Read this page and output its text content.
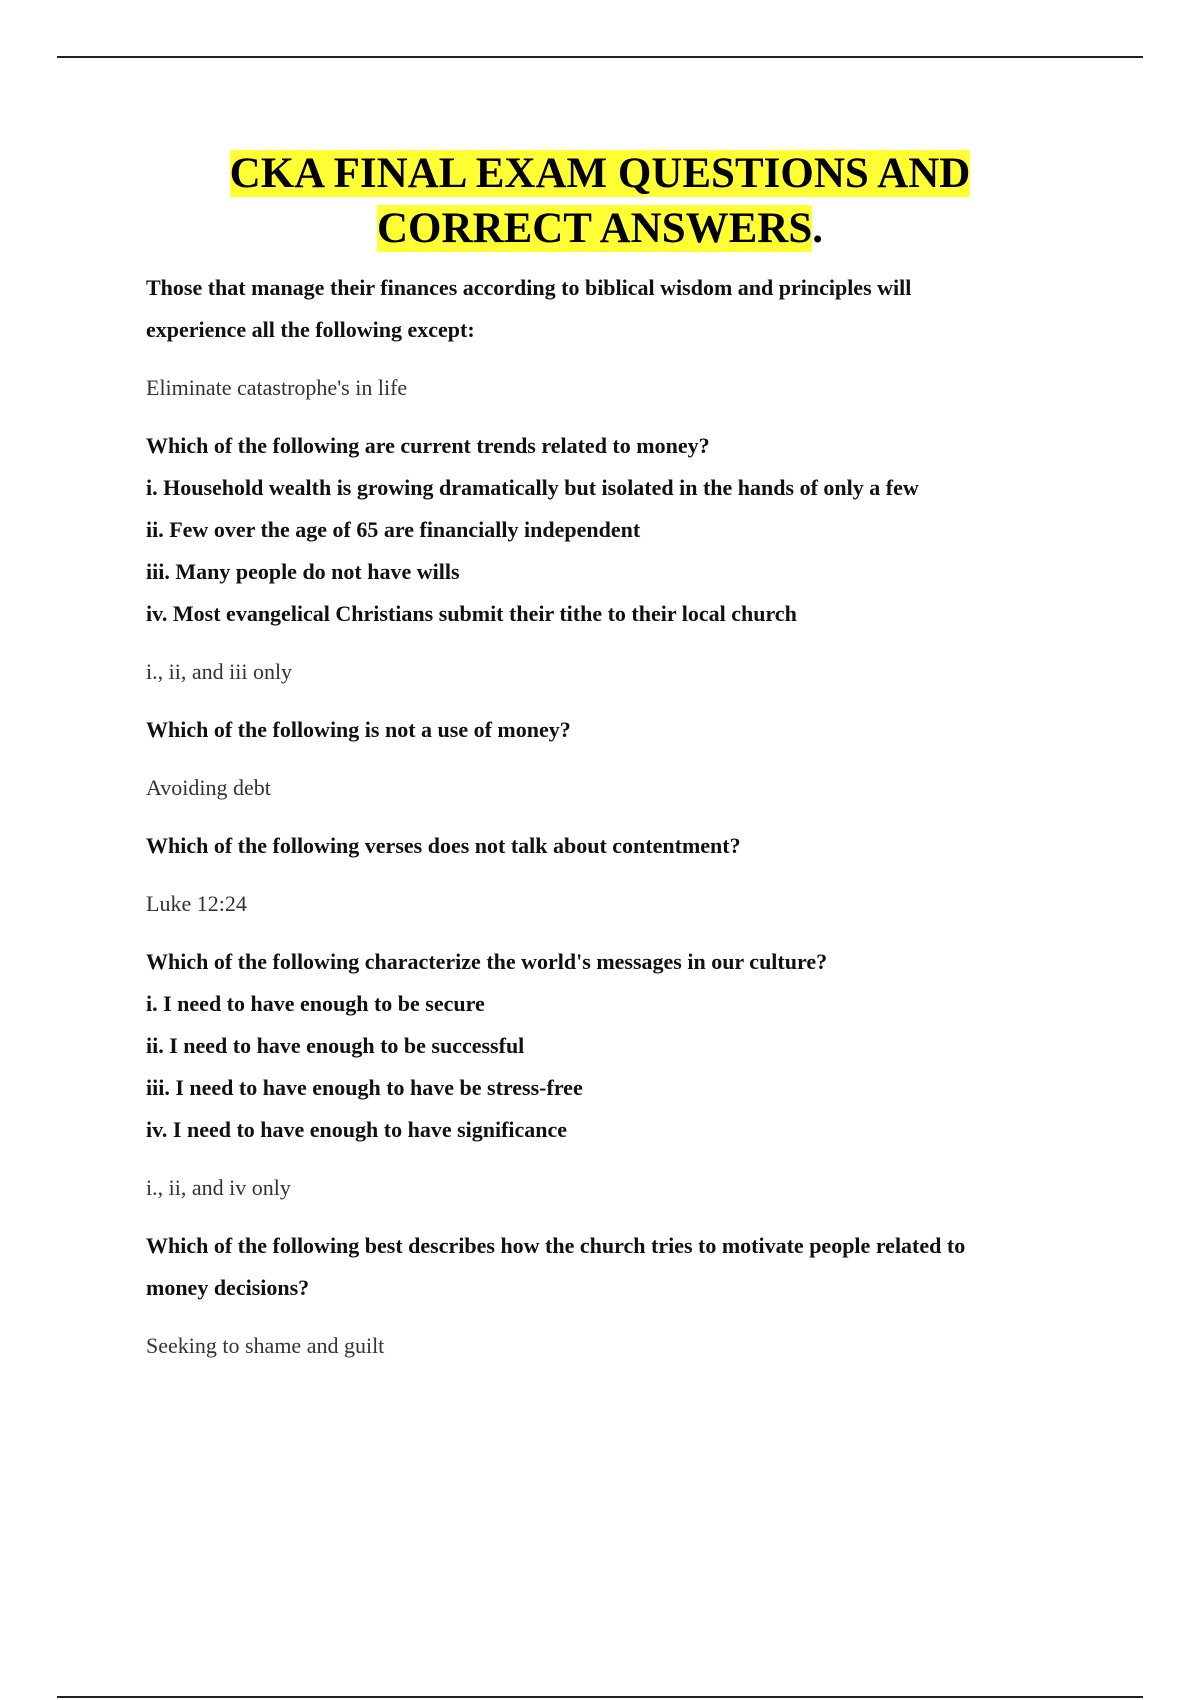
CKA FINAL EXAM QUESTIONS AND
CORRECT ANSWERS.
Those that manage their finances according to biblical wisdom and principles will
experience all the following except:
Eliminate catastrophe's in life
Which of the following are current trends related to money?
i. Household wealth is growing dramatically but isolated in the hands of only a few
ii. Few over the age of 65 are financially independent
iii. Many people do not have wills
iv. Most evangelical Christians submit their tithe to their local church
i., ii, and iii only
Which of the following is not a use of money?
Avoiding debt
Which of the following verses does not talk about contentment?
Luke 12:24
Which of the following characterize the world's messages in our culture?
i. I need to have enough to be secure
ii. I need to have enough to be successful
iii. I need to have enough to have be stress-free
iv. I need to have enough to have significance
i., ii, and iv only
Which of the following best describes how the church tries to motivate people related to
money decisions?
Seeking to shame and guilt
